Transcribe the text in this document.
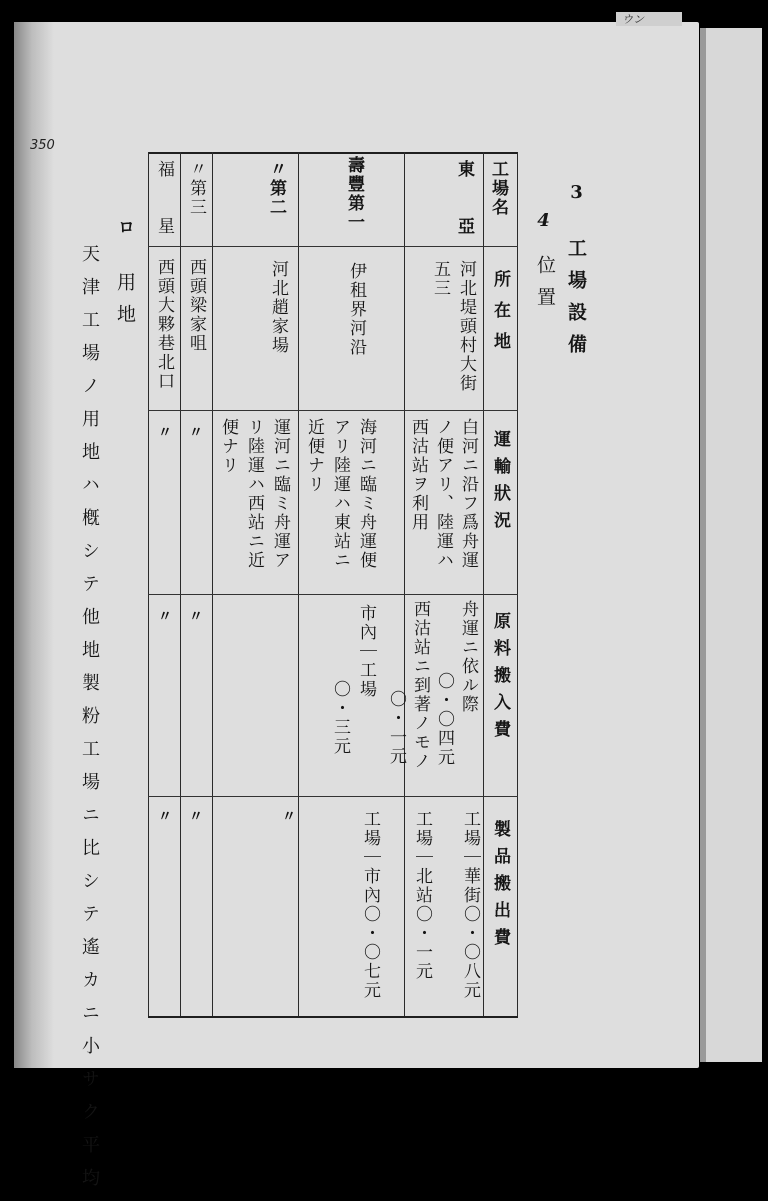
ウン
350
3
工場設備
4
位置
工場名
所在地
運輸狀況
原料搬入費
製品搬出費
東亞
河北堤頭村大街
五三
白河ニ沿フ爲舟運
ノ便アリ、陸運ハ
西沽站ヲ利用
舟運ニ依ル際
〇・〇四元
西沽站ニ到著ノモノ
〇・一元
工場｜華街〇・〇八元
工場｜北站〇・一元
壽豐第一
伊租界河沿
海河ニ臨ミ舟運便
アリ陸運ハ東站ニ
近便ナリ
市內｜工場
〇・三元
工場｜市內〇・〇七元
〃第二
河北趙家場
運河ニ臨ミ舟運ア
リ陸運ハ西站ニ近
便ナリ
〃
〃第三
西頭梁家咀
〃
〃
〃
福星
西頭大夥巷北口
〃
〃
〃
ロ
用地
天津工場ノ用地ハ槪シテ他地製粉工場ニ比シテ遙カニ小サク平均
